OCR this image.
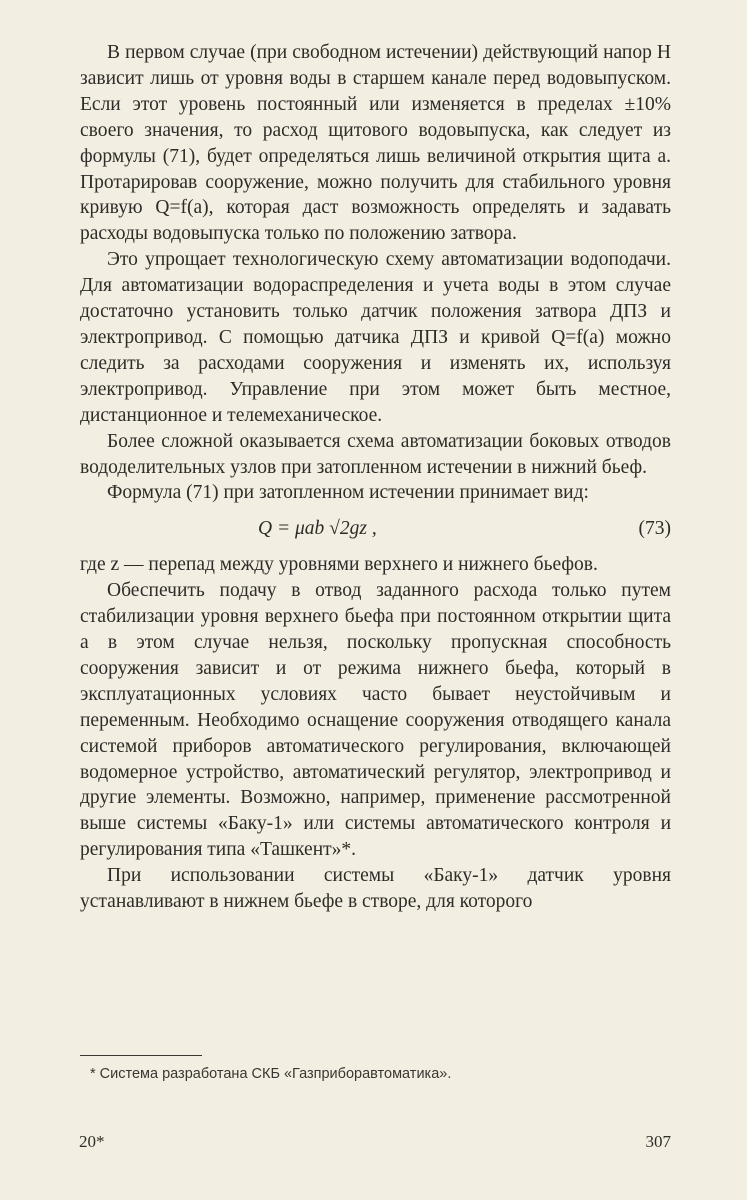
В первом случае (при свободном истечении) действующий напор H зависит лишь от уровня воды в старшем канале перед водовыпуском. Если этот уровень постоянный или изменяется в пределах ±10% своего значения, то расход щитового водовыпуска, как следует из формулы (71), будет определяться лишь величиной открытия щита a. Протарировав сооружение, можно получить для стабильного уровня кривую Q=f(a), которая даст возможность определять и задавать расходы водовыпуска только по положению затвора.

Это упрощает технологическую схему автоматизации водоподачи. Для автоматизации водораспределения и учета воды в этом случае достаточно установить только датчик положения затвора ДПЗ и электропривод. С помощью датчика ДПЗ и кривой Q=f(a) можно следить за расходами сооружения и изменять их, используя электропривод. Управление при этом может быть местное, дистанционное и телемеханическое.

Более сложной оказывается схема автоматизации боковых отводов вододелительных узлов при затопленном истечении в нижний бьеф.

Формула (71) при затопленном истечении принимает вид:

Q = μab √2gz ,	(73)

где z — перепад между уровнями верхнего и нижнего бьефов.

Обеспечить подачу в отвод заданного расхода только путем стабилизации уровня верхнего бьефа при постоянном открытии щита a в этом случае нельзя, поскольку пропускная способность сооружения зависит и от режима нижнего бьефа, который в эксплуатационных условиях часто бывает неустойчивым и переменным. Необходимо оснащение сооружения отводящего канала системой приборов автоматического регулирования, включающей водомерное устройство, автоматический регулятор, электропривод и другие элементы. Возможно, например, применение рассмотренной выше системы «Баку-1» или системы автоматического контроля и регулирования типа «Ташкент»*.

При использовании системы «Баку-1» датчик уровня устанавливают в нижнем бьефе в створе, для которого

* Система разработана СКБ «Газприборавтоматика».
20*	307
